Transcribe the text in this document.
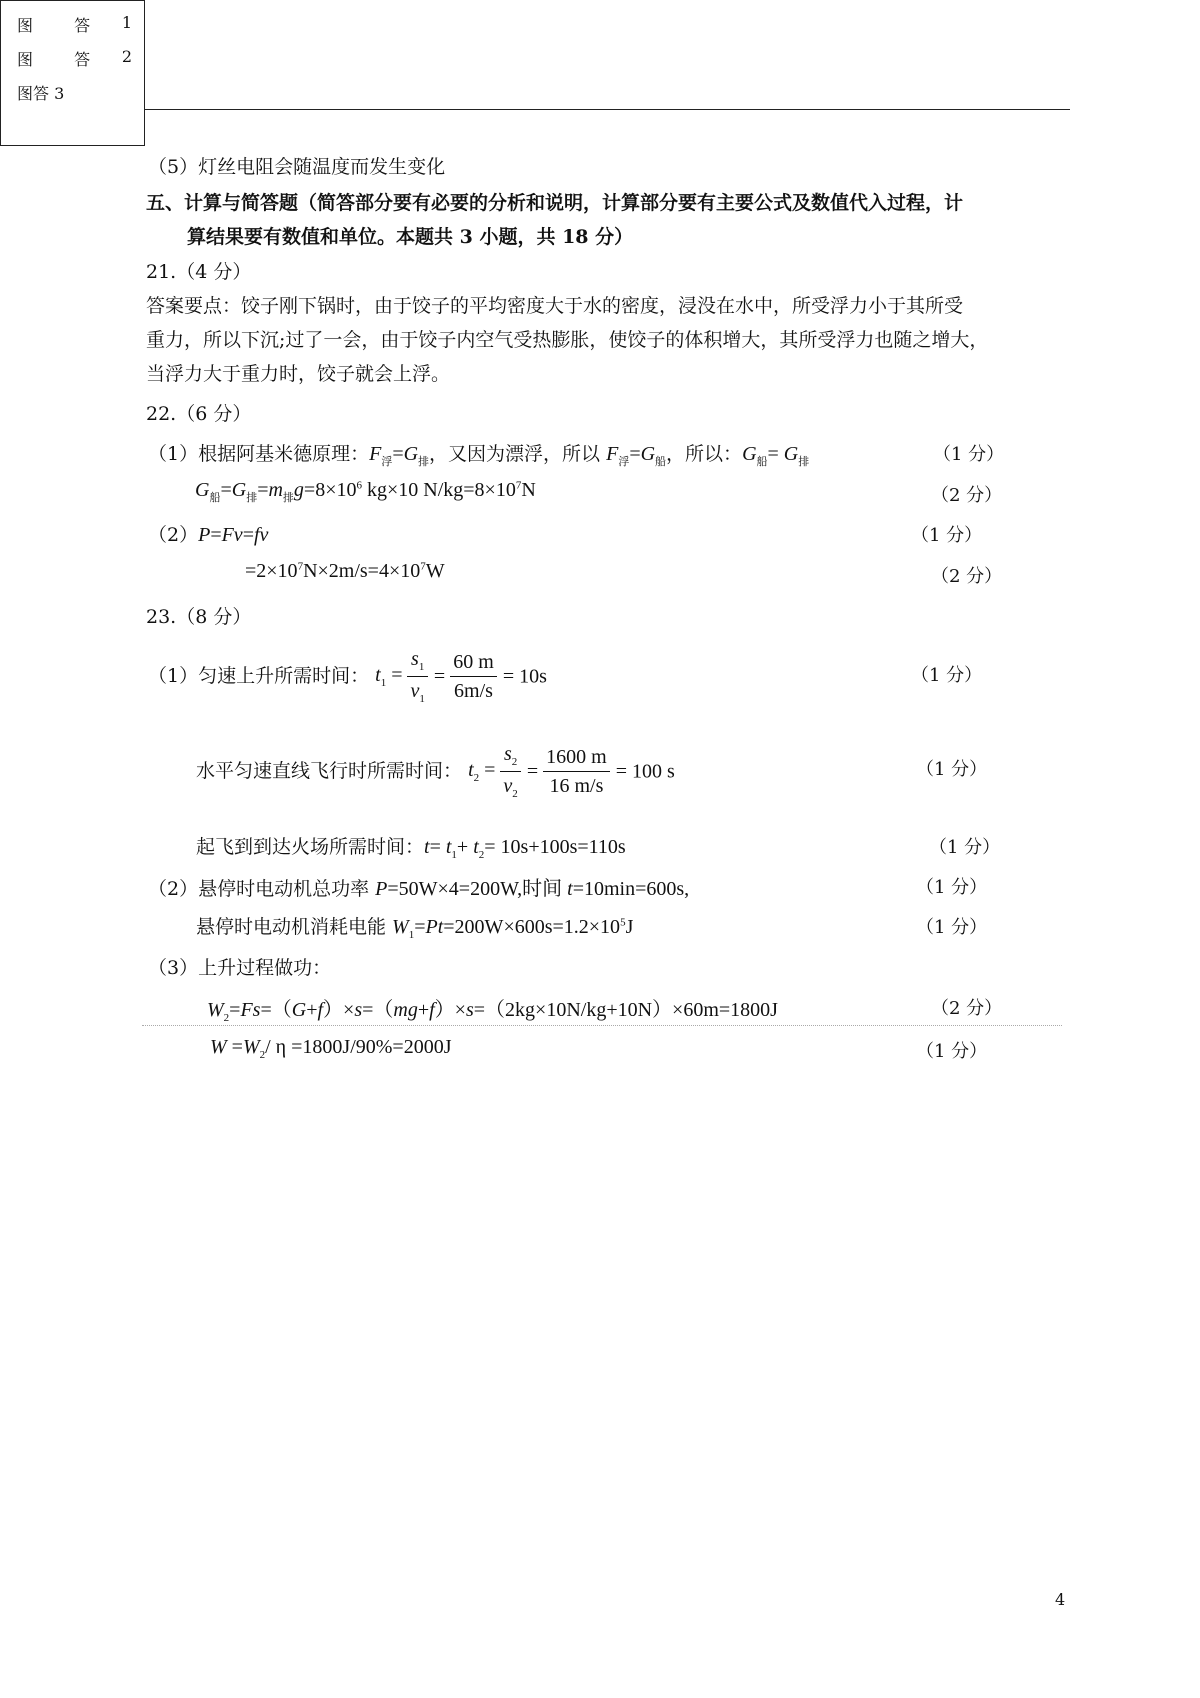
图 答 1
图 答 2
图答 3
（5）灯丝电阻会随温度而发生变化
五、计算与简答题（简答部分要有必要的分析和说明，计算部分要有主要公式及数值代入过程，计
算结果要有数值和单位。本题共 3 小题，共 18 分）
21.（4 分）
答案要点：饺子刚下锅时，由于饺子的平均密度大于水的密度，浸没在水中，所受浮力小于其所受
重力，所以下沉;过了一会，由于饺子内空气受热膨胀，使饺子的体积增大，其所受浮力也随之增大，
当浮力大于重力时，饺子就会上浮。
22.（6 分）
（1）根据阿基米德原理：$F_浮=G_排$，又因为漂浮，所以 $F_浮=G_船$，所以：$G_船= G_排$	（1 分）
$G_船=G_排=m_排g=8\times 10^6$ kg×10 $N/kg=8\times 10^7N$	（2 分）
（2）P=Fv=fv	（1 分）
$=2\times 10^7N\times 2m/s=4\times 10^7W$	（2 分）
23.（8 分）
（1）匀速上升所需时间： $t_1 = \frac{s_1}{v_1} = \frac{60 m}{6m/s} = 10s$	（1 分）
水平匀速直线飞行时所需时间： $t_2 = \frac{s_2}{v_2} = \frac{1600 m}{16 m/s} = 100$ s	（1 分）
起飞到到达火场所需时间：$t= t_1+ t_2= 10s+100s=110s$	（1 分）
（2）悬停时电动机总功率 P=50W×4=200W,时间 t=10min=600s,	（1 分）
悬停时电动机消耗电能 $W_1=Pt=200W\times 600s=1.2\times 10^5J$	（1 分）
（3）上升过程做功：
$W_2=Fs=(G+f)\times s=(mg+f)\times s=(2kg\times 10N/kg+10N)\times 60m=1800J$	（2 分）
$W =W_2/$ η =1800J/90%=2000J	（1 分）
4
